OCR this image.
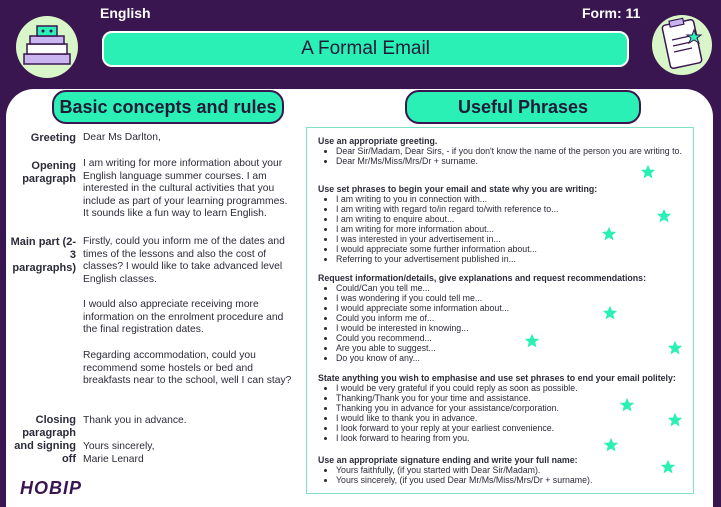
English	Form: 11
A Formal Email
Basic concepts and rules	Useful Phrases
Greeting Dear Ms Darlton,
Opening paragraph
I am writing for more information about your English language summer courses. I am interested in the cultural activities that you include as part of your learning programmes. It sounds like a fun way to learn English.
Main part (2-3 paragraphs)
Firstly, could you inform me of the dates and times of the lessons and also the cost of classes? I would like to take advanced level English classes.
I would also appreciate receiving more information on the enrolment procedure and the final registration dates.
Regarding accommodation, could you recommend some hostels or bed and breakfasts near to the school, well I can stay?
Closing paragraph and signing off
Thank you in advance.
Yours sincerely,
Marie Lenard
Use an appropriate greeting.
• Dear Sir/Madam, Dear Sirs, - if you don't know the name of the person you are writing to.
• Dear Mr/Ms/Miss/Mrs/Dr + surname.
Use set phrases to begin your email and state why you are writing:
• I am writing to you in connection with...
• I am writing with regard to/in regard to/with reference to...
• I am writing to enquire about...
• I am writing for more information about...
• I was interested in your advertisement in...
• I would appreciate some further information about...
• Referring to your advertisement published in...
Request information/details, give explanations and request recommendations:
• Could/Can you tell me...
• I was wondering if you could tell me...
• I would appreciate some information about...
• Could you inform me of...
• I would be interested in knowing...
• Could you recommend...
• Are you able to suggest...
• Do you know of any...
State anything you wish to emphasise and use set phrases to end your email politely:
• I would be very grateful if you could reply as soon as possible.
• Thanking/Thank you for your time and assistance.
• Thanking you in advance for your assistance/corporation.
• I would like to thank you in advance.
• I look forward to your reply at your earliest convenience.
• I look forward to hearing from you.
Use an appropriate signature ending and write your full name:
• Yours faithfully, (if you started with Dear Sir/Madam).
• Yours sincerely, (if you used Dear Mr/Ms/Miss/Mrs/Dr + surname).
HOBIP
